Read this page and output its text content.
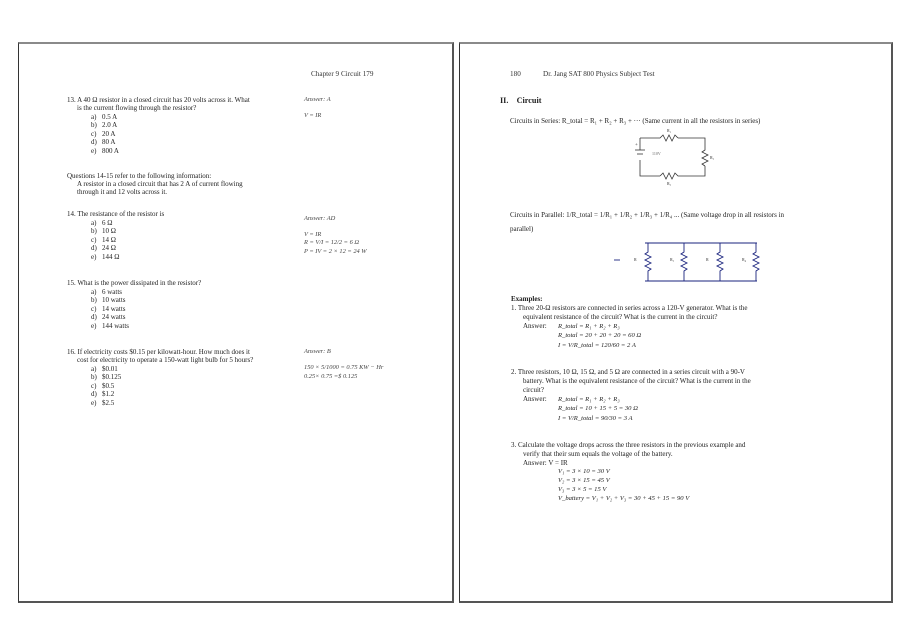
Chapter 9 Circuit 179
13. A 40 Ω resistor in a closed circuit has 20 volts across it. What
is the current flowing through the resistor?
a) 0.5 A
b) 2.0 A
c) 20 A
d) 80 A
e) 800 A
Answer: A
V = IR
Questions 14-15 refer to the following information:
A resistor in a closed circuit that has 2 A of current flowing
through it and 12 volts across it.
14. The resistance of the resistor is
a) 6 Ω
b) 10 Ω
c) 14 Ω
d) 24 Ω
e) 144 Ω
Answer: AD
V = IR
R = V/I = 12/2 = 6 Ω
P = IV = 2 × 12 = 24 W
15. What is the power dissipated in the resistor?
a) 6 watts
b) 10 watts
c) 14 watts
d) 24 watts
e) 144 watts
16. If electricity costs $0.15 per kilowatt-hour. How much does it
cost for electricity to operate a 150-watt light bulb for 5 hours?
a) $0.01
b) $0.125
c) $0.5
d) $1.2
e) $2.5
Answer: B
150 × 5/1000 = 0.75 KW − Hr
0.25× 0.75 =$ 0.125
180	Dr. Jang SAT 800 Physics Subject Test
II.    Circuit
Circuits in Series: R_total = R₁ + R₂ + R₃ + ··· (Same current in all the resistors in series)
R₁
R₂
R₃
+
110V
Circuits in Parallel: 1/R_total = 1/R₁ + 1/R₂ + 1/R₃ + 1/R₄ ... (Same voltage drop in all resistors in
parallel)
R	R₂	R	R₄
Examples:
1. Three 20-Ω resistors are connected in series across a 120-V generator. What is the
equivalent resistance of the circuit? What is the current in the circuit?
Answer: R_total = R₁ + R₂ + R₃
R_total = 20 + 20 + 20 = 60 Ω
I = V/R_total = 120/60 = 2 A
2. Three resistors, 10 Ω, 15 Ω, and 5 Ω are connected in a series circuit with a 90-V
battery. What is the equivalent resistance of the circuit? What is the current in the
circuit?
Answer: R_total = R₁ + R₂ + R₃
R_total = 10 + 15 + 5 = 30 Ω
I = V/R_total = 90/30 = 3 A
3. Calculate the voltage drops across the three resistors in the previous example and
verify that their sum equals the voltage of the battery.
Answer: V = IR
V₁ = 3 × 10 = 30 V
V₂ = 3 × 15 = 45 V
V₃ = 3 × 5 = 15 V
V_battery = V₁ + V₂ + V₃ = 30 + 45 + 15 = 90 V
